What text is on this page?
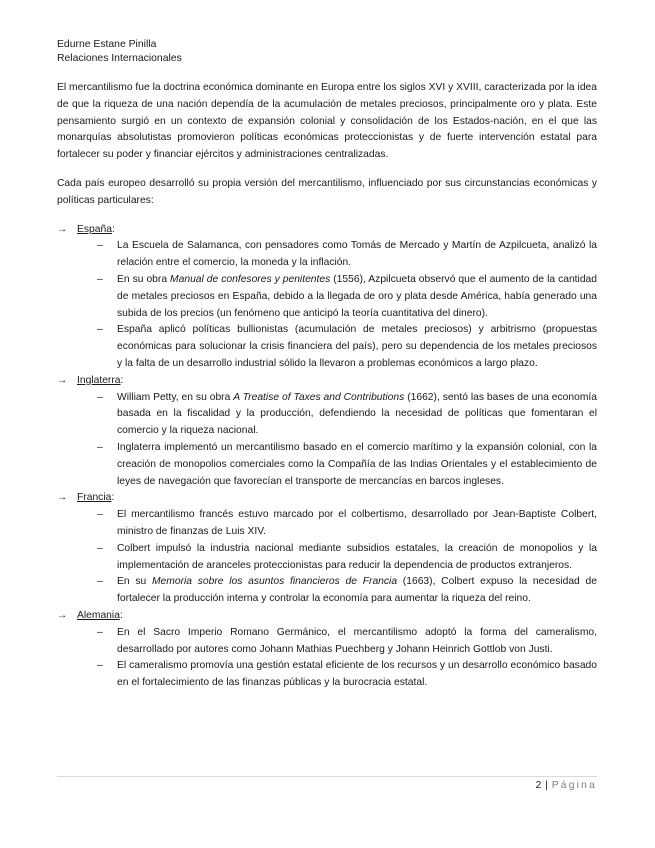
Edurne Estane Pinilla
Relaciones Internacionales

El mercantilismo fue la doctrina económica dominante en Europa entre los siglos XVI y XVIII, caracterizada por la idea de que la riqueza de una nación dependía de la acumulación de metales preciosos, principalmente oro y plata. Este pensamiento surgió en un contexto de expansión colonial y consolidación de los Estados-nación, en el que las monarquías absolutistas promovieron políticas económicas proteccionistas y de fuerte intervención estatal para fortalecer su poder y financiar ejércitos y administraciones centralizadas.

Cada país europeo desarrolló su propia versión del mercantilismo, influenciado por sus circunstancias económicas y políticas particulares:

→ España:
– La Escuela de Salamanca, con pensadores como Tomás de Mercado y Martín de Azpilcueta, analizó la relación entre el comercio, la moneda y la inflación.
– En su obra Manual de confesores y penitentes (1556), Azpilcueta observó que el aumento de la cantidad de metales preciosos en España, debido a la llegada de oro y plata desde América, había generado una subida de los precios (un fenómeno que anticipó la teoría cuantitativa del dinero).
– España aplicó políticas bullionistas (acumulación de metales preciosos) y arbitrismo (propuestas económicas para solucionar la crisis financiera del país), pero su dependencia de los metales preciosos y la falta de un desarrollo industrial sólido la llevaron a problemas económicos a largo plazo.
→ Inglaterra:
– William Petty, en su obra A Treatise of Taxes and Contributions (1662), sentó las bases de una economía basada en la fiscalidad y la producción, defendiendo la necesidad de políticas que fomentaran el comercio y la riqueza nacional.
– Inglaterra implementó un mercantilismo basado en el comercio marítimo y la expansión colonial, con la creación de monopolios comerciales como la Compañía de las Indias Orientales y el establecimiento de leyes de navegación que favorecían el transporte de mercancías en barcos ingleses.
→ Francia:
– El mercantilismo francés estuvo marcado por el colbertismo, desarrollado por Jean-Baptiste Colbert, ministro de finanzas de Luis XIV.
– Colbert impulsó la industria nacional mediante subsidios estatales, la creación de monopolios y la implementación de aranceles proteccionistas para reducir la dependencia de productos extranjeros.
– En su Memoria sobre los asuntos financieros de Francia (1663), Colbert expuso la necesidad de fortalecer la producción interna y controlar la economía para aumentar la riqueza del reino.
→ Alemania:
– En el Sacro Imperio Romano Germánico, el mercantilismo adoptó la forma del cameralismo, desarrollado por autores como Johann Mathias Puechberg y Johann Heinrich Gottlob von Justi.
– El cameralismo promovía una gestión estatal eficiente de los recursos y un desarrollo económico basado en el fortalecimiento de las finanzas públicas y la burocracia estatal.
2 | Página
